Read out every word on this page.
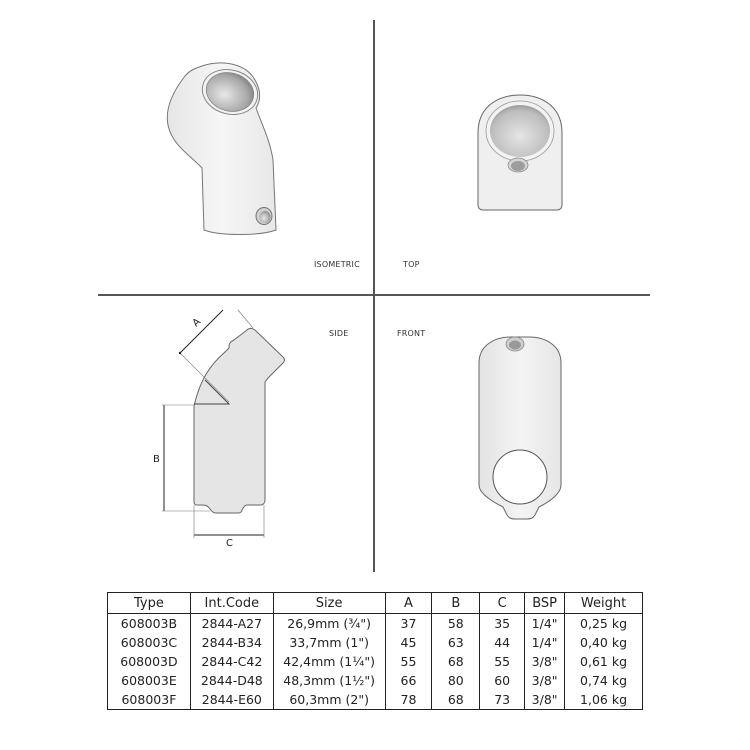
A
B
C
ISOMETRIC	TOP
SIDE	FRONT
Type	Int.Code	Size	A	B	C	BSP	Weight
608003B	2844-A27	26,9mm (¾")	37	58	35	1/4"	0,25 kg
608003C	2844-B34	33,7mm (1")	45	63	44	1/4"	0,40 kg
608003D	2844-C42	42,4mm (1¼")	55	68	55	3/8"	0,61 kg
608003E	2844-D48	48,3mm (1½")	66	80	60	3/8"	0,74 kg
608003F	2844-E60	60,3mm (2")	78	68	73	3/8"	1,06 kg
